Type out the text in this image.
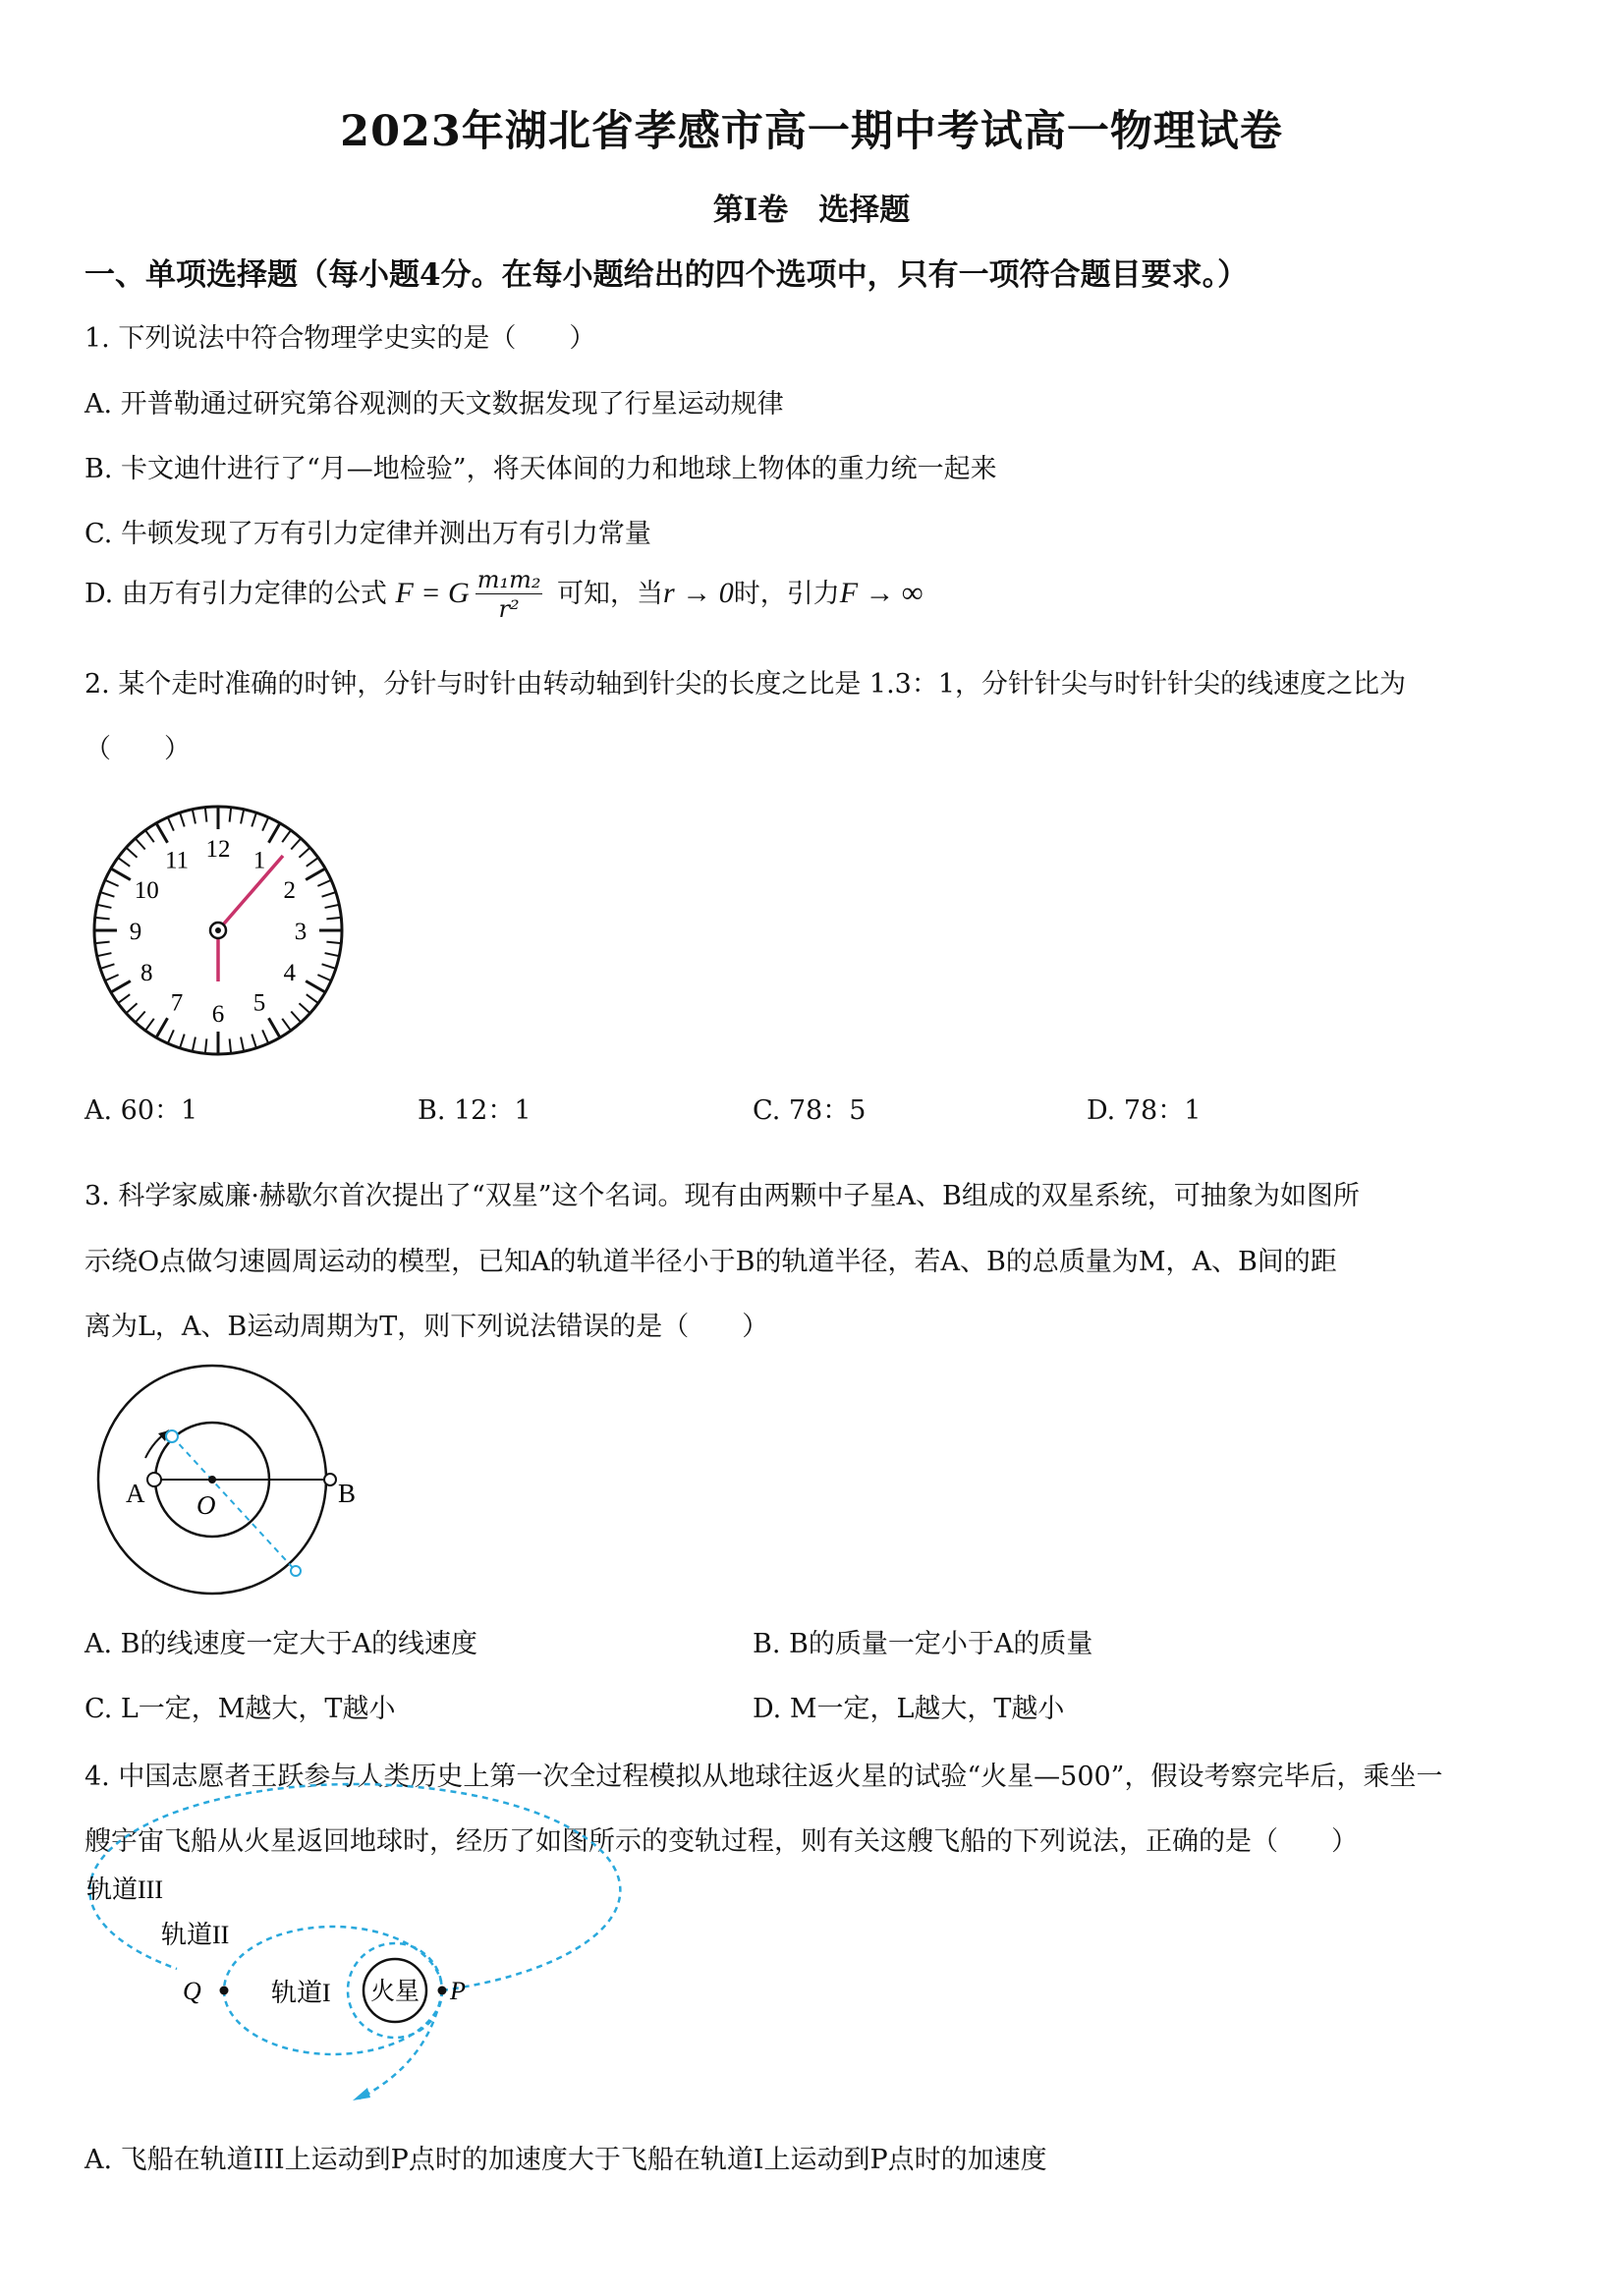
2023年湖北省孝感市高一期中考试高一物理试卷
第Ⅰ卷　选择题
一、单项选择题（每小题4分。在每小题给出的四个选项中，只有一项符合题目要求。）
1. 下列说法中符合物理学史实的是（　　）
A. 开普勒通过研究第谷观测的天文数据发现了行星运动规律
B. 卡文迪什进行了“月—地检验”，将天体间的力和地球上物体的重力统一起来
C. 牛顿发现了万有引力定律并测出万有引力常量
D. 由万有引力定律的公式 F = G $\frac{\text{m₁m₂}}{\text{r²}}$ 可知，当r → 0时，引力F → ∞
2. 某个走时准确的时钟，分针与时针由转动轴到针尖的长度之比是 1.3：1，分针针尖与时针针尖的线速度之比为
（　　）
12 1
2
3
4
5
6
7
8
9
10
11
A. 60：1	B. 12：1	C. 78：5	D. 78：1
3. 科学家威廉·赫歇尔首次提出了“双星”这个名词。现有由两颗中子星A、B组成的双星系统，可抽象为如图所
示绕O点做匀速圆周运动的模型，已知A的轨道半径小于B的轨道半径，若A、B的总质量为M，A、B间的距
离为L，A、B运动周期为T，则下列说法错误的是（　　）
A O	B
A. B的线速度一定大于A的线速度	B. B的质量一定小于A的质量
C. L一定，M越大，T越小	D. M一定，L越大，T越小
4. 中国志愿者王跃参与人类历史上第一次全过程模拟从地球往返火星的试验“火星—500”，假设考察完毕后，乘坐一
艘宇宙飞船从火星返回地球时，经历了如图所示的变轨过程，则有关这艘飞船的下列说法，正确的是（　　）
火星 P
Q
轨道III
轨道II
轨道I
A. 飞船在轨道III上运动到P点时的加速度大于飞船在轨道Ⅰ上运动到P点时的加速度
